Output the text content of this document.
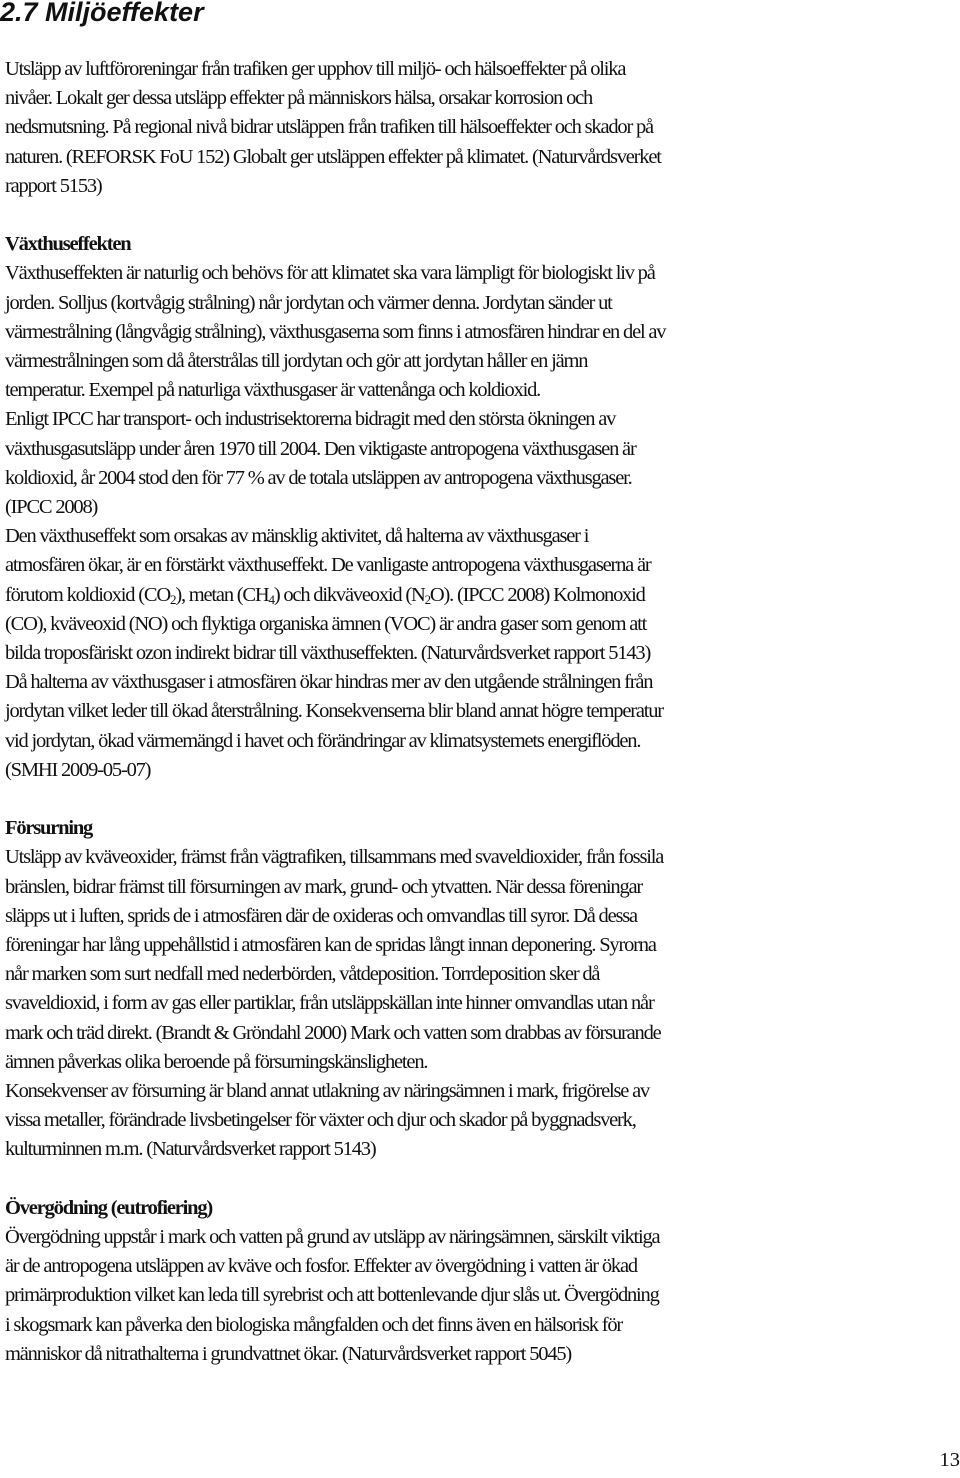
2.7 Miljöeffekter

Utsläpp av luftföroreningar från trafiken ger upphov till miljö- och hälsoeffekter på olika
nivåer. Lokalt ger dessa utsläpp effekter på människors hälsa, orsakar korrosion och
nedsmutsning. På regional nivå bidrar utsläppen från trafiken till hälsoeffekter och skador på
naturen. (REFORSK FoU 152) Globalt ger utsläppen effekter på klimatet. (Naturvårdsverket
rapport 5153)

Växthuseffekten
Växthuseffekten är naturlig och behövs för att klimatet ska vara lämpligt för biologiskt liv på
jorden. Solljus (kortvågig strålning) når jordytan och värmer denna. Jordytan sänder ut
värmestrålning (långvågig strålning), växthusgaserna som finns i atmosfären hindrar en del av
värmestrålningen som då återstrålas till jordytan och gör att jordytan håller en jämn
temperatur. Exempel på naturliga växthusgaser är vattenånga och koldioxid.
Enligt IPCC har transport- och industrisektorerna bidragit med den största ökningen av
växthusgasutsläpp under åren 1970 till 2004. Den viktigaste antropogena växthusgasen är
koldioxid, år 2004 stod den för 77 % av de totala utsläppen av antropogena växthusgaser.
(IPCC 2008)
Den växthuseffekt som orsakas av mänsklig aktivitet, då halterna av växthusgaser i
atmosfären ökar, är en förstärkt växthuseffekt. De vanligaste antropogena växthusgaserna är
förutom koldioxid $(CO_2)$, metan $(CH_4)$ och dikväveoxid $(N_2O)$. (IPCC 2008) Kolmonoxid
(CO), kväveoxid (NO) och flyktiga organiska ämnen (VOC) är andra gaser som genom att
bilda troposfäriskt ozon indirekt bidrar till växthuseffekten. (Naturvårdsverket rapport 5143)
Då halterna av växthusgaser i atmosfären ökar hindras mer av den utgående strålningen från
jordytan vilket leder till ökad återstrålning. Konsekvenserna blir bland annat högre temperatur
vid jordytan, ökad värmemängd i havet och förändringar av klimatsystemets energiflöden.
(SMHI 2009-05-07)

Försurning
Utsläpp av kväveoxider, främst från vägtrafiken, tillsammans med svaveldioxider, från fossila
bränslen, bidrar främst till försurningen av mark, grund- och ytvatten. När dessa föreningar
släpps ut i luften, sprids de i atmosfären där de oxideras och omvandlas till syror. Då dessa
föreningar har lång uppehållstid i atmosfären kan de spridas långt innan deponering. Syrorna
når marken som surt nedfall med nederbörden, våtdeposition. Torrdeposition sker då
svaveldioxid, i form av gas eller partiklar, från utsläppskällan inte hinner omvandlas utan når
mark och träd direkt. (Brandt & Gröndahl 2000) Mark och vatten som drabbas av försurande
ämnen påverkas olika beroende på försurningskänsligheten.
Konsekvenser av försurning är bland annat utlakning av näringsämnen i mark, frigörelse av
vissa metaller, förändrade livsbetingelser för växter och djur och skador på byggnadsverk,
kulturminnen m.m. (Naturvårdsverket rapport 5143)

Övergödning (eutrofiering)
Övergödning uppstår i mark och vatten på grund av utsläpp av näringsämnen, särskilt viktiga
är de antropogena utsläppen av kväve och fosfor. Effekter av övergödning i vatten är ökad
primärproduktion vilket kan leda till syrebrist och att bottenlevande djur slås ut. Övergödning
i skogsmark kan påverka den biologiska mångfalden och det finns även en hälsorisk för
människor då nitrathalterna i grundvattnet ökar. (Naturvårdsverket rapport 5045)

13
